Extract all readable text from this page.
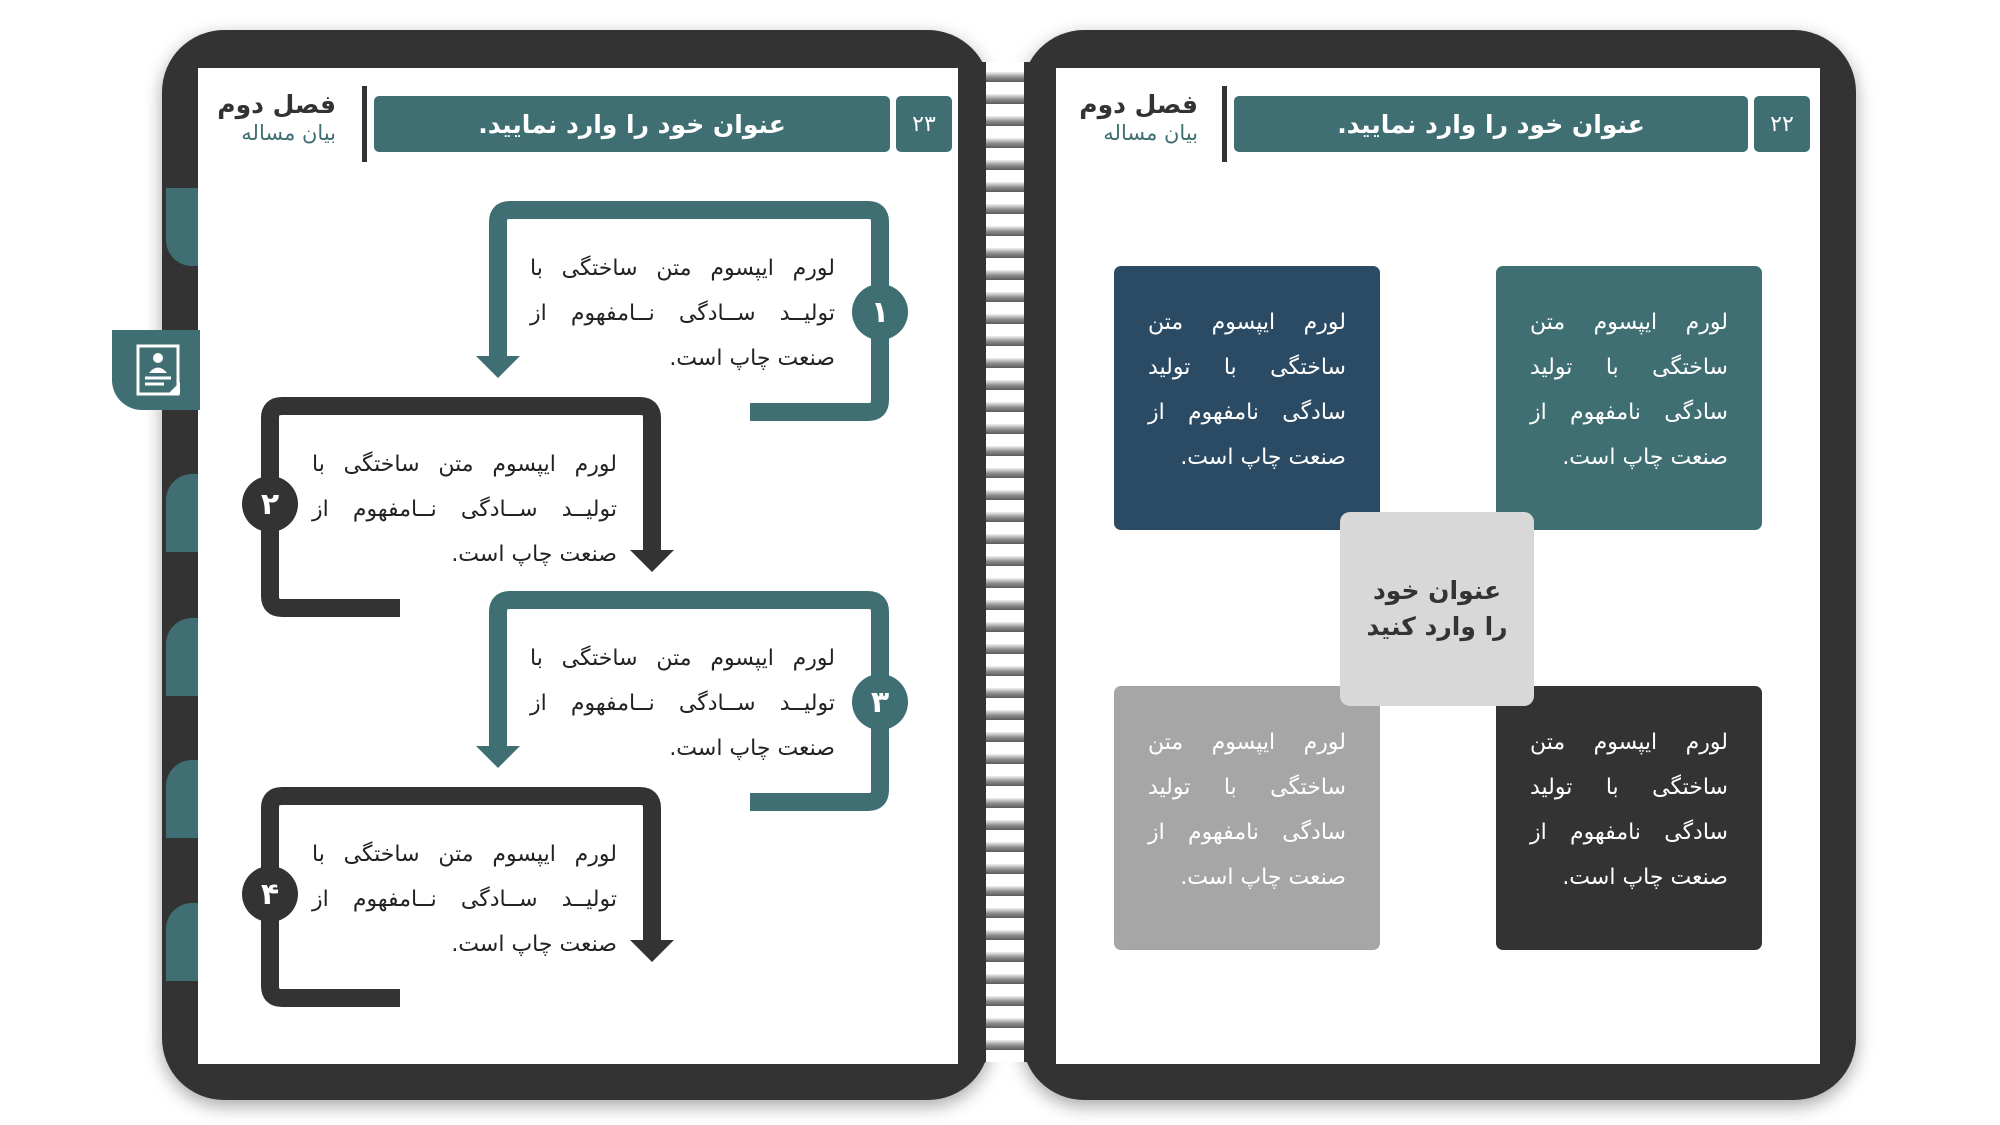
فصل دوم
بیان مساله	عنوان خود را وارد نمایید.	۲۳
فصل دوم
بیان مساله	عنوان خود را وارد نمایید.	۲۲
۱
۲
۳
۴
لورم ایپسوم متن ساختگی با تولیــد ســادگی نــامفهوم از صنعت چاپ است.
لورم ایپسوم متن ساختگی با تولیــد ســادگی نــامفهوم از صنعت چاپ است.
لورم ایپسوم متن ساختگی با تولیــد ســادگی نــامفهوم از صنعت چاپ است.
لورم ایپسوم متن ساختگی با تولیــد ســادگی نــامفهوم از صنعت چاپ است.
لورم ایپسوم متن ساختگی با تولید سادگی نامفهوم از صنعت چاپ است.
لورم ایپسوم متن ساختگی با تولید سادگی نامفهوم از صنعت چاپ است.
لورم ایپسوم متن ساختگی با تولید سادگی نامفهوم از صنعت چاپ است.
لورم ایپسوم متن ساختگی با تولید سادگی نامفهوم از صنعت چاپ است.
عنوان خود را وارد کنید
